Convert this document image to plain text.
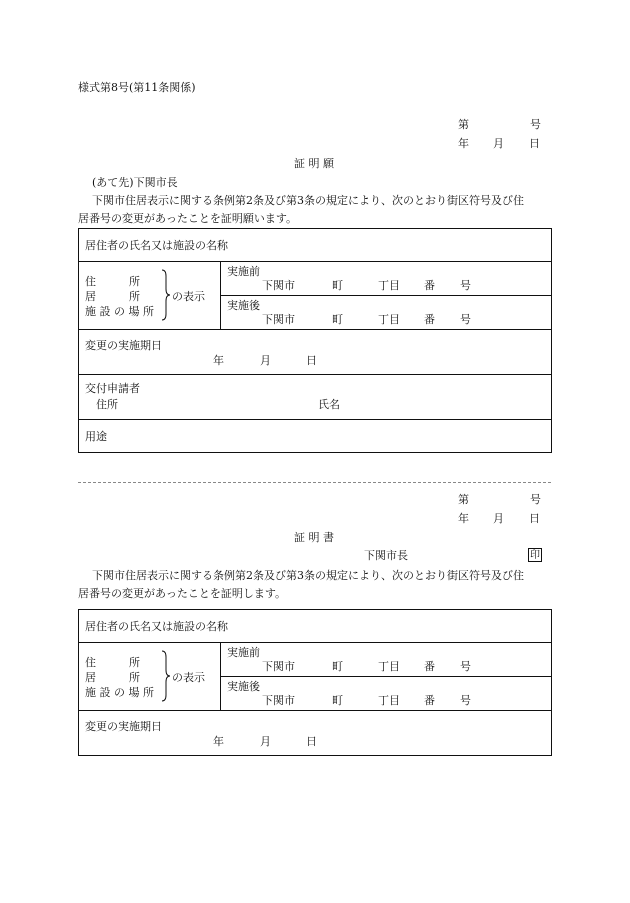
様式第8号(第11条関係)
第	号
年 月 日
証 明 願
(あて先)下関市長
下関市住居表示に関する条例第2条及び第3条の規定により、次のとおり街区符号及び住
居番号の変更があったことを証明願います。
居住者の氏名又は施設の名称
住　　　所
居　　　所
施 設 の 場 所
の表示
実施前
下関市	町	丁目 番 号
実施後
下関市	町	丁目 番 号
変更の実施期日
年	月	日
交付申請者
住所	氏名
用途
第	号
年 月 日
証 明 書
下関市長	印
下関市住居表示に関する条例第2条及び第3条の規定により、次のとおり街区符号及び住
居番号の変更があったことを証明します。
居住者の氏名又は施設の名称
住　　　所
居　　　所
施 設 の 場 所
の表示
実施前
下関市	町	丁目 番 号
実施後
下関市	町	丁目 番 号
変更の実施期日
年	月	日
